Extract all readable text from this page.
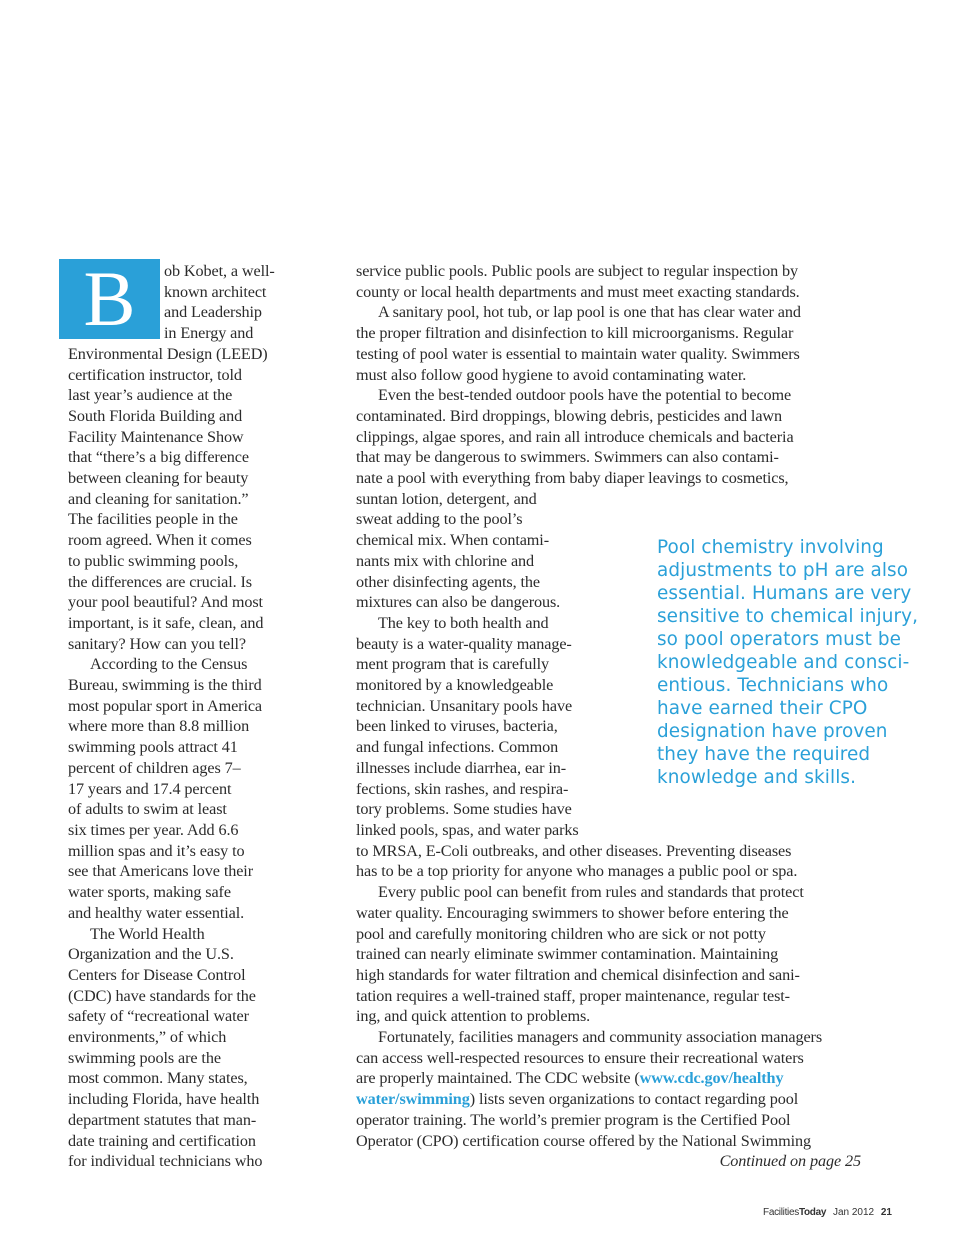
B	ob Kobet, a well-
known architect
and Leadership
in Energy and
Environmental Design (LEED)
certification instructor, told
last year’s audience at the
South Florida Building and
Facility Maintenance Show
that “there’s a big difference
between cleaning for beauty
and cleaning for sanitation.”
The facilities people in the
room agreed. When it comes
to public swimming pools,
the differences are crucial. Is
your pool beautiful? And most
important, is it safe, clean, and
sanitary? How can you tell?
According to the Census
Bureau, swimming is the third
most popular sport in America
where more than 8.8 million
swimming pools attract 41
percent of children ages 7–
17 years and 17.4 percent
of adults to swim at least
six times per year. Add 6.6
million spas and it’s easy to
see that Americans love their
water sports, making safe
and healthy water essential.
The World Health
Organization and the U.S.
Centers for Disease Control
(CDC) have standards for the
safety of “recreational water
environments,” of which
swimming pools are the
most common. Many states,
including Florida, have health
department statutes that man-
date training and certification
for individual technicians who
service public pools. Public pools are subject to regular inspection by
county or local health departments and must meet exacting standards.
A sanitary pool, hot tub, or lap pool is one that has clear water and
the proper filtration and disinfection to kill microorganisms. Regular
testing of pool water is essential to maintain water quality. Swimmers
must also follow good hygiene to avoid contaminating water.
Even the best-tended outdoor pools have the potential to become
contaminated. Bird droppings, blowing debris, pesticides and lawn
clippings, algae spores, and rain all introduce chemicals and bacteria
that may be dangerous to swimmers. Swimmers can also contami-
nate a pool with everything from baby diaper leavings to cosmetics,
suntan lotion, detergent, and
sweat adding to the pool’s
chemical mix. When contami-
nants mix with chlorine and
other disinfecting agents, the
mixtures can also be dangerous.
The key to both health and
beauty is a water-quality manage-
ment program that is carefully
monitored by a knowledgeable
technician. Unsanitary pools have
been linked to viruses, bacteria,
and fungal infections. Common
illnesses include diarrhea, ear in-
fections, skin rashes, and respira-
tory problems. Some studies have
linked pools, spas, and water parks
to MRSA, E-Coli outbreaks, and other diseases. Preventing diseases
has to be a top priority for anyone who manages a public pool or spa.
Every public pool can benefit from rules and standards that protect
water quality. Encouraging swimmers to shower before entering the
pool and carefully monitoring children who are sick or not potty
trained can nearly eliminate swimmer contamination. Maintaining
high standards for water filtration and chemical disinfection and sani-
tation requires a well-trained staff, proper maintenance, regular test-
ing, and quick attention to problems.
Fortunately, facilities managers and community association managers
can access well-respected resources to ensure their recreational waters
are properly maintained. The CDC website (www.cdc.gov/healthy
water/swimming) lists seven organizations to contact regarding pool
operator training. The world’s premier program is the Certified Pool
Operator (CPO) certification course offered by the National Swimming
Continued on page 25
Pool chemistry involving
adjustments to pH are also
essential. Humans are very
sensitive to chemical injury,
so pool operators must be
knowledgeable and consci-
entious. Technicians who
have earned their CPO
designation have proven
they have the required
knowledge and skills.
FacilitiesToday Jan 2012 21
